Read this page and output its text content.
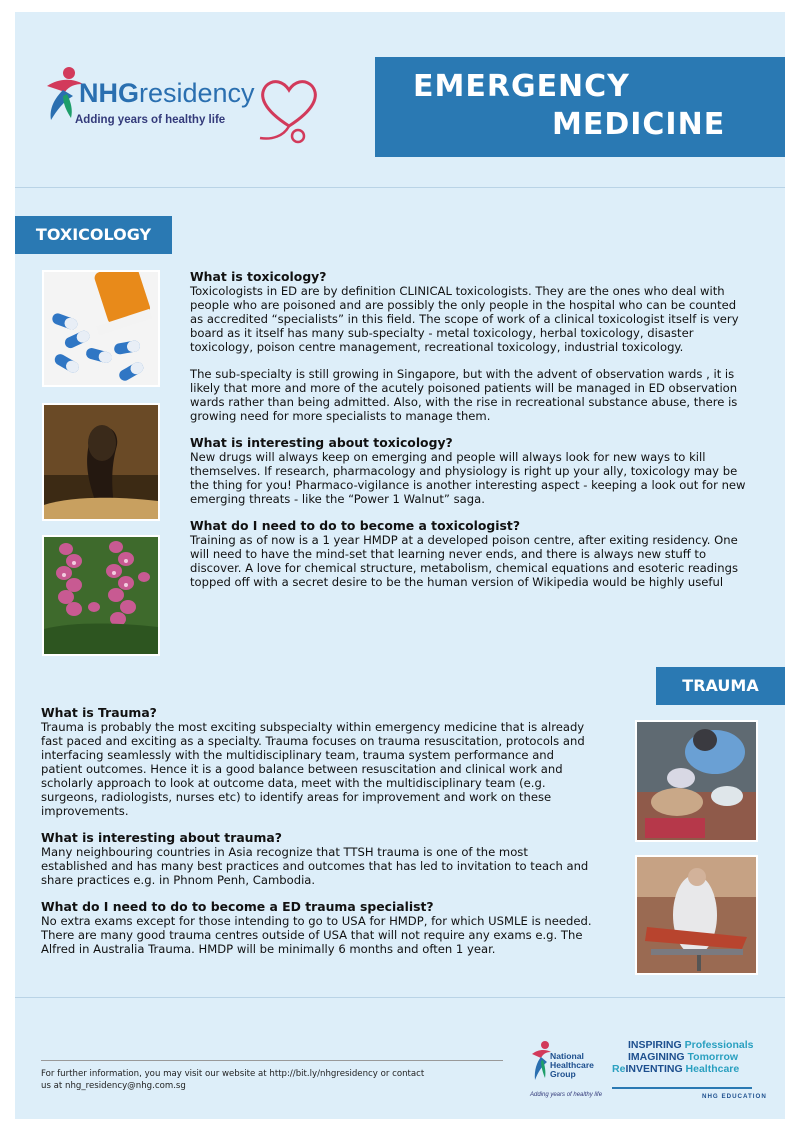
NHGresidency
Adding years of healthy life
EMERGENCY
MEDICINE
TOXICOLOGY
What is toxicology?

Toxicologists in ED are by definition CLINICAL toxicologists. They are the ones who deal with people who are poisoned and are possibly the only people in the hospital who can be counted as accredited “specialists” in this field. The scope of work of a clinical toxicologist itself is very board as it itself has many sub-specialty - metal toxicology, herbal toxicology, disaster toxicology, poison centre management, recreational toxicology, industrial toxicology.

The sub-specialty is still growing in Singapore, but with the advent of observation wards , it is likely that more and more of the acutely poisoned patients will be managed in ED observation wards rather than being admitted. Also, with the rise in recreational substance abuse, there is growing need for more specialists to manage them.

What is interesting about toxicology?

New drugs will always keep on emerging and people will always look for new ways to kill themselves. If research, pharmacology and physiology is right up your ally, toxicology may be the thing for you! Pharmaco-vigilance is another interesting aspect - keeping a look out for new emerging threats - like the “Power 1 Walnut” saga.

What do I need to do to become a toxicologist?

Training as of now is a 1 year HMDP at a developed poison centre, after exiting residency. One will need to have the mind-set that learning never ends, and there is always new stuff to discover. A love for chemical structure, metabolism, chemical equations and esoteric readings topped off with a secret desire to be the human version of Wikipedia would be highly useful

TRAUMA
What is Trauma?

Trauma is probably the most exciting subspecialty within emergency medicine that is already fast paced and exciting as a specialty. Trauma focuses on trauma resuscitation, protocols and interfacing seamlessly with the multidisciplinary team, trauma system performance and patient outcomes. Hence it is a good balance between resuscitation and clinical work and scholarly approach to look at outcome data, meet with the multidisciplinary team (e.g. surgeons, radiologists, nurses etc) to identify areas for improvement and work on these improvements.

What is interesting about trauma?

Many neighbouring countries in Asia recognize that TTSH trauma is one of the most established and has many best practices and outcomes that has led to invitation to teach and share practices e.g. in Phnom Penh, Cambodia.

What do I need to do to become a ED trauma specialist?

No extra exams except for those intending to go to USA for HMDP, for which USMLE is needed. There are many good trauma centres outside of USA that will not require any exams e.g. The Alfred in Australia Trauma. HMDP will be minimally 6 months and often 1 year.

For further information, you may visit our website at http://bit.ly/nhgresidency or contact
us at nhg_residency@nhg.com.sg
National
Healthcare
Group
Adding years of healthy life
INSPIRING Professionals
IMAGINING Tomorrow
ReINVENTING Healthcare
NHG EDUCATION
